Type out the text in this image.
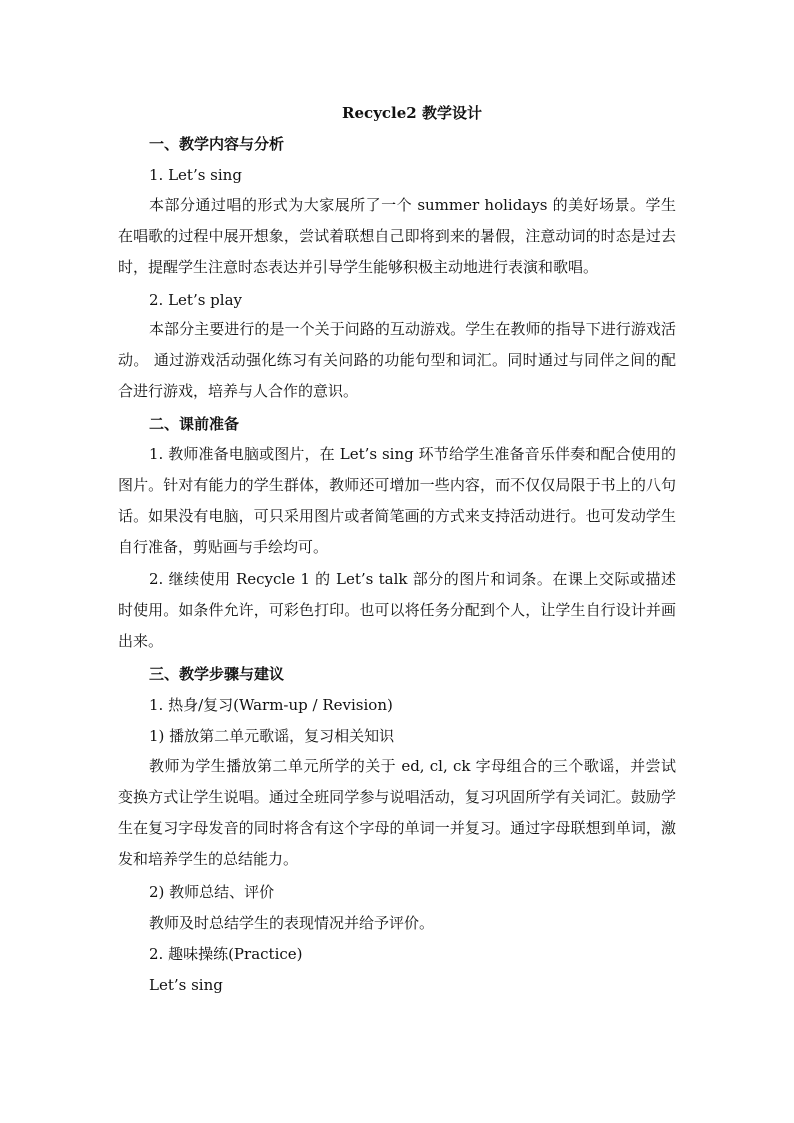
Recycle2 教学设计
一、教学内容与分析
1. Let’s sing
本部分通过唱的形式为大家展所了一个 summer holidays 的美好场景。学生在唱歌的过程中展开想象，尝试着联想自己即将到来的暑假，注意动词的时态是过去时，提醒学生注意时态表达并引导学生能够积极主动地进行表演和歌唱。
2. Let’s play
本部分主要进行的是一个关于问路的互动游戏。学生在教师的指导下进行游戏活动。 通过游戏活动强化练习有关问路的功能句型和词汇。同时通过与同伴之间的配合进行游戏，培养与人合作的意识。
二、课前准备
1. 教师准备电脑或图片，在 Let’s sing 环节给学生准备音乐伴奏和配合使用的图片。针对有能力的学生群体，教师还可增加一些内容，而不仅仅局限于书上的八句话。如果没有电脑，可只采用图片或者简笔画的方式来支持活动进行。也可发动学生自行准备，剪贴画与手绘均可。
2. 继续使用 Recycle 1 的 Let’s talk 部分的图片和词条。在课上交际或描述时使用。如条件允许，可彩色打印。也可以将任务分配到个人，让学生自行设计并画出来。
三、教学步骤与建议
1. 热身/复习(Warm-up / Revision)
1) 播放第二单元歌谣，复习相关知识
教师为学生播放第二单元所学的关于 ed, cl, ck 字母组合的三个歌谣，并尝试变换方式让学生说唱。通过全班同学参与说唱活动，复习巩固所学有关词汇。鼓励学生在复习字母发音的同时将含有这个字母的单词一并复习。通过字母联想到单词，激发和培养学生的总结能力。
2) 教师总结、评价
教师及时总结学生的表现情况并给予评价。
2. 趣味操练(Practice)
Let’s sing
